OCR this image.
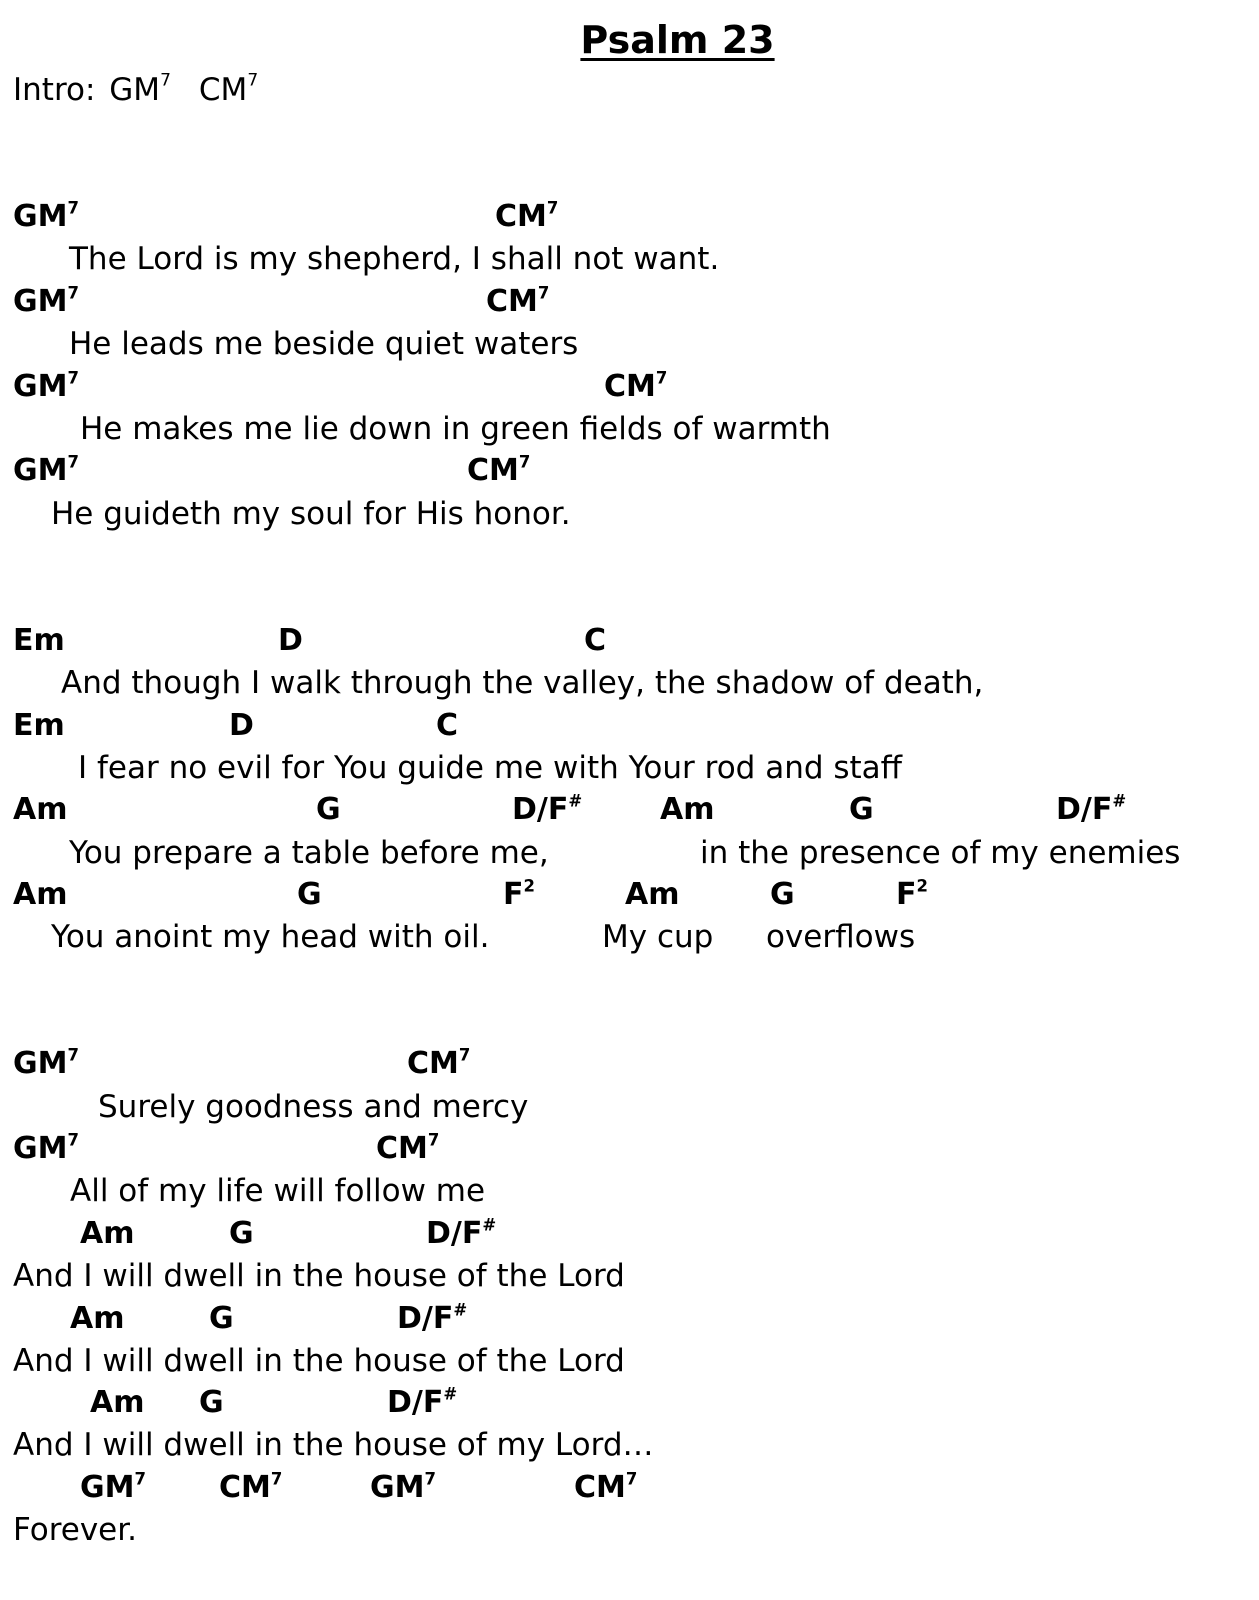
Psalm 23
Intro: $GM^7$ $CM^7$
$GM^7$	$CM^7$
The Lord is my shepherd, I shall not want.
$GM^7$	$CM^7$
He leads me beside quiet waters
$GM^7$	$CM^7$
He makes me lie down in green fields of warmth
$GM^7$	$CM^7$
He guideth my soul for His honor.
Em	D	C
And though I walk through the valley, the shadow of death,
Em	D	C
I fear no evil for You guide me with Your rod and staff
Am	G	D/F#	Am	G	D/F#
You prepare a table before me,	in the presence of my enemies
Am	G	$F^2$	Am	G	$F^2$
You anoint my head with oil.	My cup overflows
$GM^7$	$CM^7$
Surely goodness and mercy
$GM^7$	$CM^7$
All of my life will follow me
Am	G	D/F#
And I will dwell in the house of the Lord
Am	G	D/F#
And I will dwell in the house of the Lord
Am G	D/F#
And I will dwell in the house of my Lord…
$GM^7$ $CM^7$	$GM^7$	$CM^7$
Forever.
